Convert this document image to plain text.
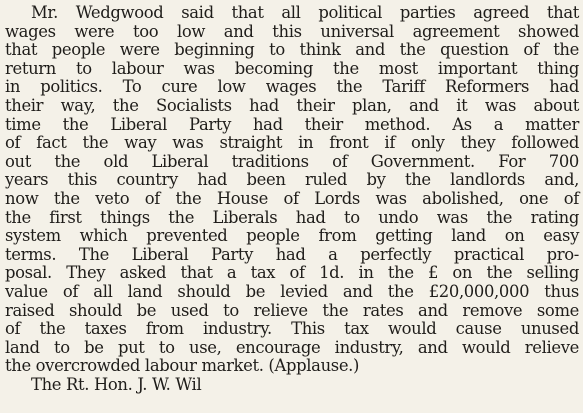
Mr. Wedgwood said that all political parties agreed that
wages were too low and this universal agreement showed
that people were beginning to think and the question of the
return to labour was becoming the most important thing
in politics. To cure low wages the Tariff Reformers had
their way, the Socialists had their plan, and it was about
time the Liberal Party had their method. As a matter
of fact the way was straight in front if only they followed
out the old Liberal traditions of Government. For 700
years this country had been ruled by the landlords and,
now the veto of the House of Lords was abolished, one of
the first things the Liberals had to undo was the rating
system which prevented people from getting land on easy
terms. The Liberal Party had a perfectly practical pro-
posal. They asked that a tax of 1d. in the £ on the selling
value of all land should be levied and the £20,000,000 thus
raised should be used to relieve the rates and remove some
of the taxes from industry. This tax would cause unused
land to be put to use, encourage industry, and would relieve
the overcrowded labour market. (Applause.)
The Rt. Hon. J. W. Wil
